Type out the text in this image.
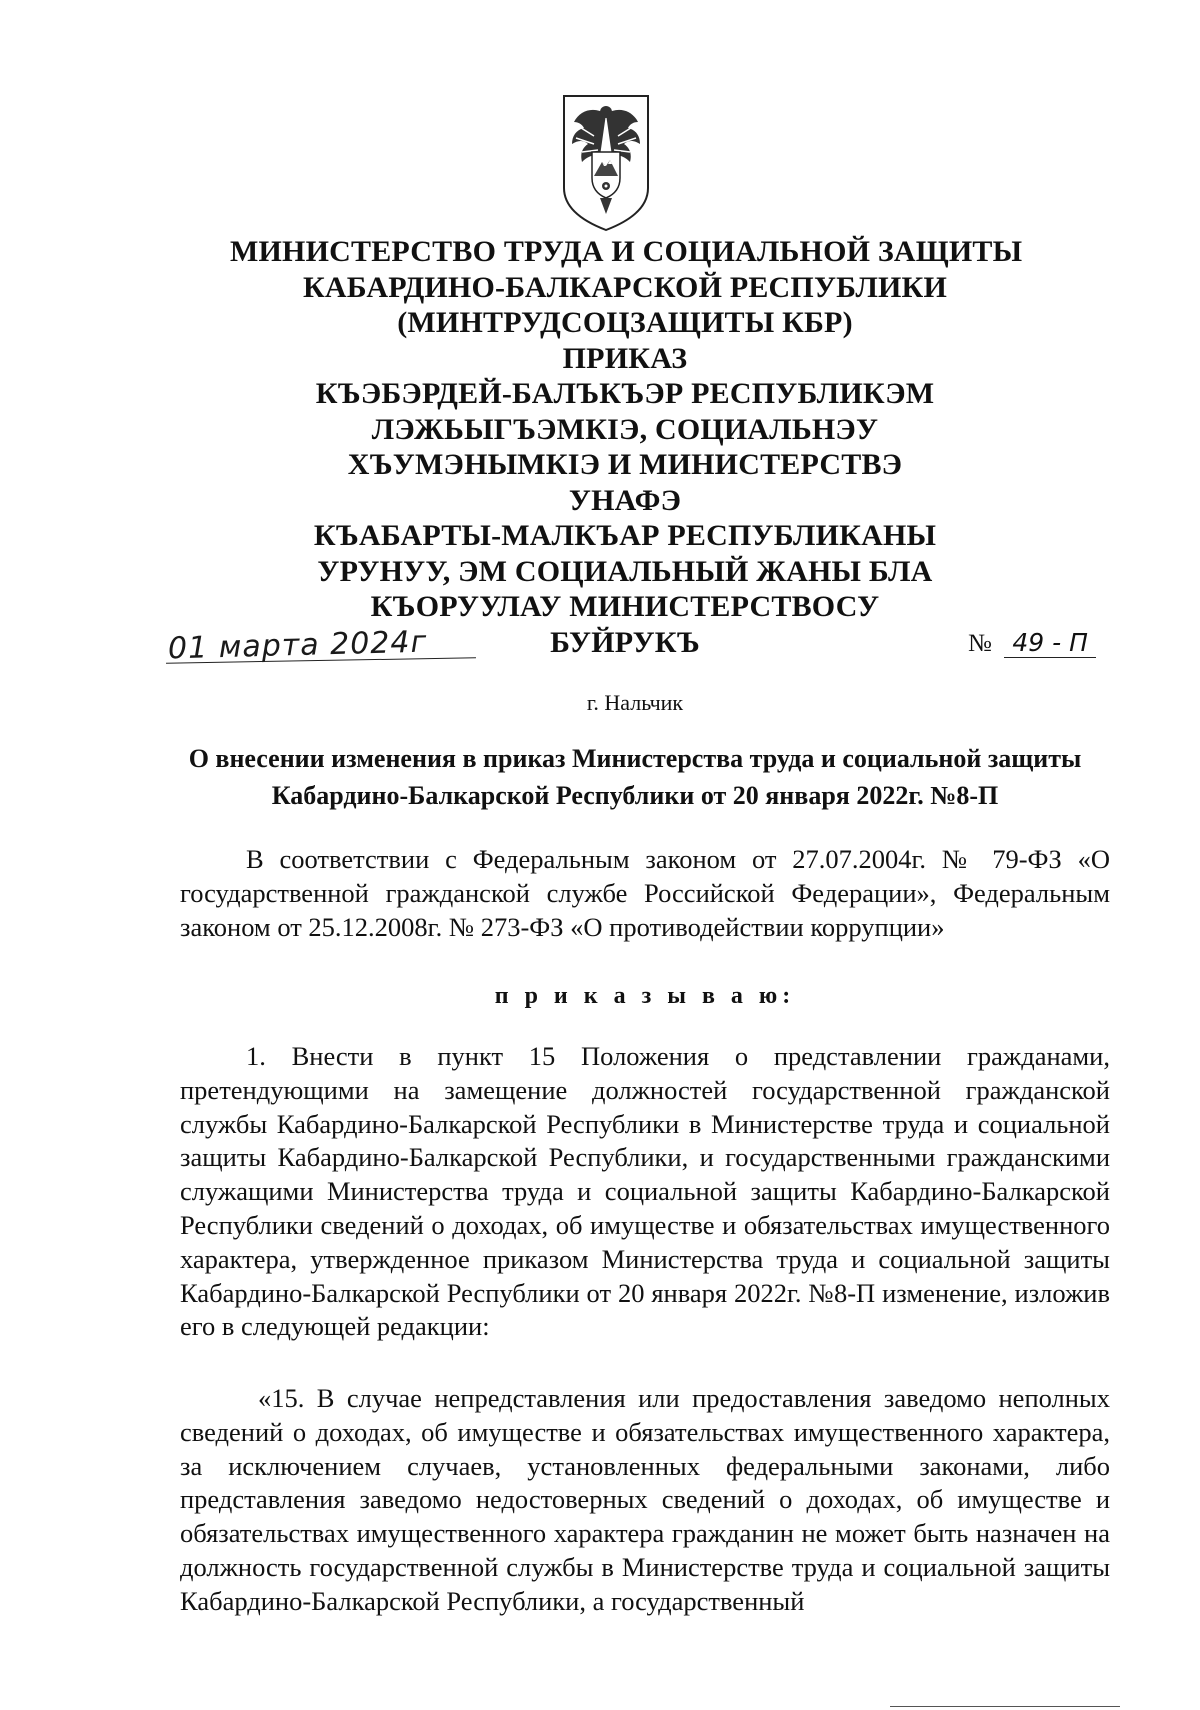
МИНИСТЕРСТВО ТРУДА И СОЦИАЛЬНОЙ ЗАЩИТЫ
КАБАРДИНО-БАЛКАРСКОЙ РЕСПУБЛИКИ
(МИНТРУДСОЦЗАЩИТЫ КБР)
ПРИКАЗ
КЪЭБЭРДЕЙ-БАЛЪКЪЭР РЕСПУБЛИКЭМ
ЛЭЖЬЫГЪЭМКIЭ, СОЦИАЛЬНЭУ
ХЪУМЭНЫМКIЭ И МИНИСТЕРСТВЭ
УНАФЭ
КЪАБАРТЫ-МАЛКЪАР РЕСПУБЛИКАНЫ
УРУНУУ, ЭМ СОЦИАЛЬНЫЙ ЖАНЫ БЛА
КЪОРУУЛАУ МИНИСТЕРСТВОСУ
БУЙРУКЪ
01 марта 2024г	№ 49 - П
г. Нальчик
О внесении изменения в приказ Министерства труда и социальной защиты Кабардино-Балкарской Республики от 20 января 2022г. №8-П
В соответствии с Федеральным законом от 27.07.2004г. № 79-ФЗ «О государственной гражданской службе Российской Федерации», Федеральным законом от 25.12.2008г. № 273-ФЗ «О противодействии коррупции»
п р и к а з ы в а ю:
1. Внести в пункт 15 Положения о представлении гражданами, претендующими на замещение должностей государственной гражданской службы Кабардино-Балкарской Республики в Министерстве труда и социальной защиты Кабардино-Балкарской Республики, и государственными гражданскими служащими Министерства труда и социальной защиты Кабардино-Балкарской Республики сведений о доходах, об имуществе и обязательствах имущественного характера, утвержденное приказом Министерства труда и социальной защиты Кабардино-Балкарской Республики от 20 января 2022г. №8-П изменение, изложив его в следующей редакции:
«15. В случае непредставления или предоставления заведомо неполных сведений о доходах, об имуществе и обязательствах имущественного характера, за исключением случаев, установленных федеральными законами, либо представления заведомо недостоверных сведений о доходах, об имуществе и обязательствах имущественного характера гражданин не может быть назначен на должность государственной службы в Министерстве труда и социальной защиты Кабардино-Балкарской Республики, а государственный
